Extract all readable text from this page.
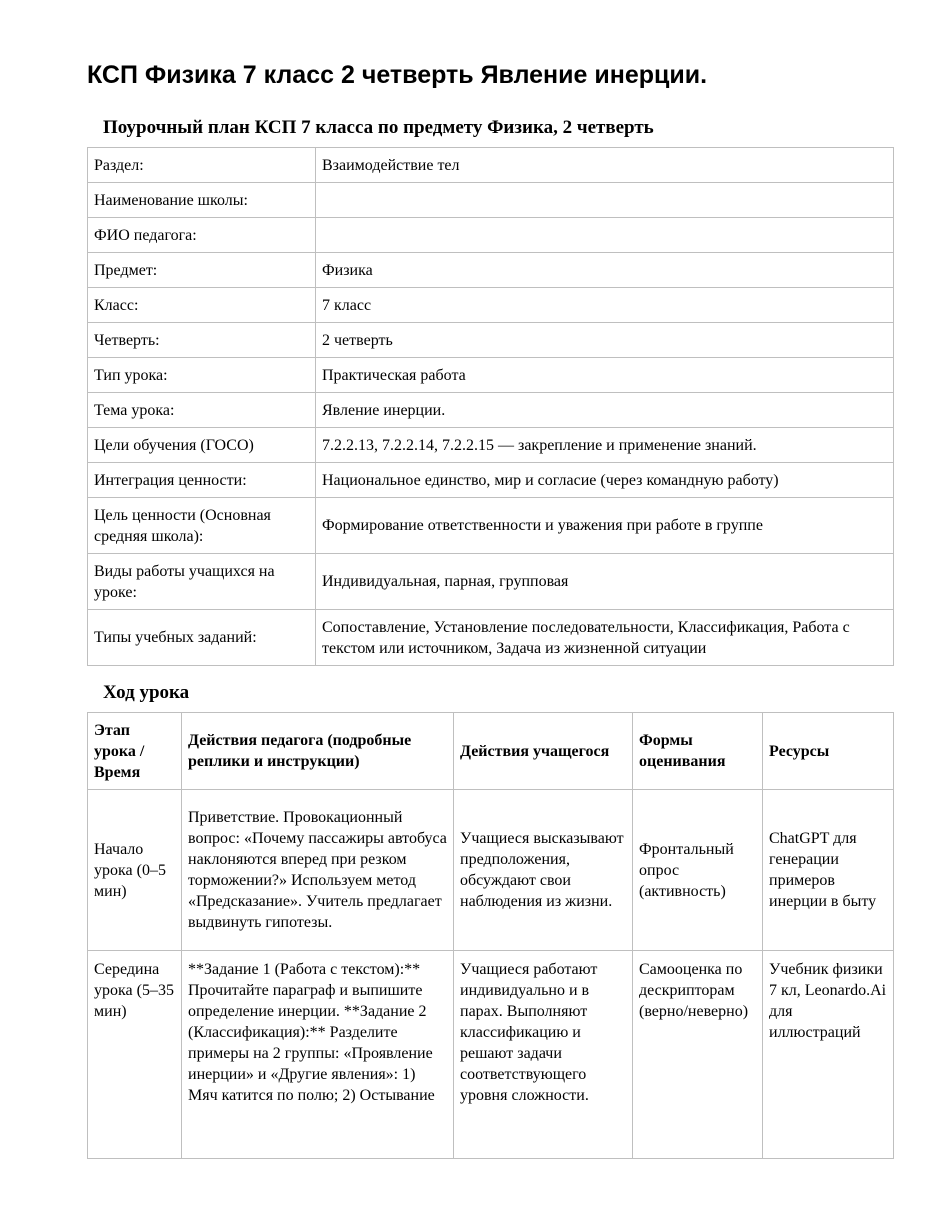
КСП Физика 7 класс 2 четверть Явление инерции.
Поурочный план КСП 7 класса по предмету Физика, 2 четверть
Раздел:	Взаимодействие тел
Наименование школы:	
ФИО педагога:	
Предмет:	Физика
Класс:	7 класс
Четверть:	2 четверть
Тип урока:	Практическая работа
Тема урока:	Явление инерции.
Цели обучения (ГОСО)	7.2.2.13, 7.2.2.14, 7.2.2.15 — закрепление и применение знаний.
Интеграция ценности:	Национальное единство, мир и согласие (через командную работу)
Цель ценности (Основная средняя школа):	Формирование ответственности и уважения при работе в группе
Виды работы учащихся на уроке:	Индивидуальная, парная, групповая
Типы учебных заданий:	Сопоставление, Установление последовательности, Классификация, Работа с текстом или источником, Задача из жизненной ситуации
Ход урока
Этап урока / Время	Действия педагога (подробные реплики и инструкции)	Действия учащегося	Формы оценивания	Ресурсы
Начало урока (0–5 мин)	Приветствие. Провокационный вопрос: «Почему пассажиры автобуса наклоняются вперед при резком торможении?» Используем метод «Предсказание». Учитель предлагает выдвинуть гипотезы.	Учащиеся высказывают предположения, обсуждают свои наблюдения из жизни.	Фронтальный опрос (активность)	ChatGPT для генерации примеров инерции в быту
Середина урока (5–35 мин)	**Задание 1 (Работа с текстом):** Прочитайте параграф и выпишите определение инерции. **Задание 2 (Классификация):** Разделите примеры на 2 группы: «Проявление инерции» и «Другие явления»: 1) Мяч катится по полю; 2) Остывание	Учащиеся работают индивидуально и в парах. Выполняют классификацию и решают задачи соответствующего уровня сложности.	Самооценка по дескрипторам (верно/неверно)	Учебник физики 7 кл, Leonardo.Ai для иллюстраций
